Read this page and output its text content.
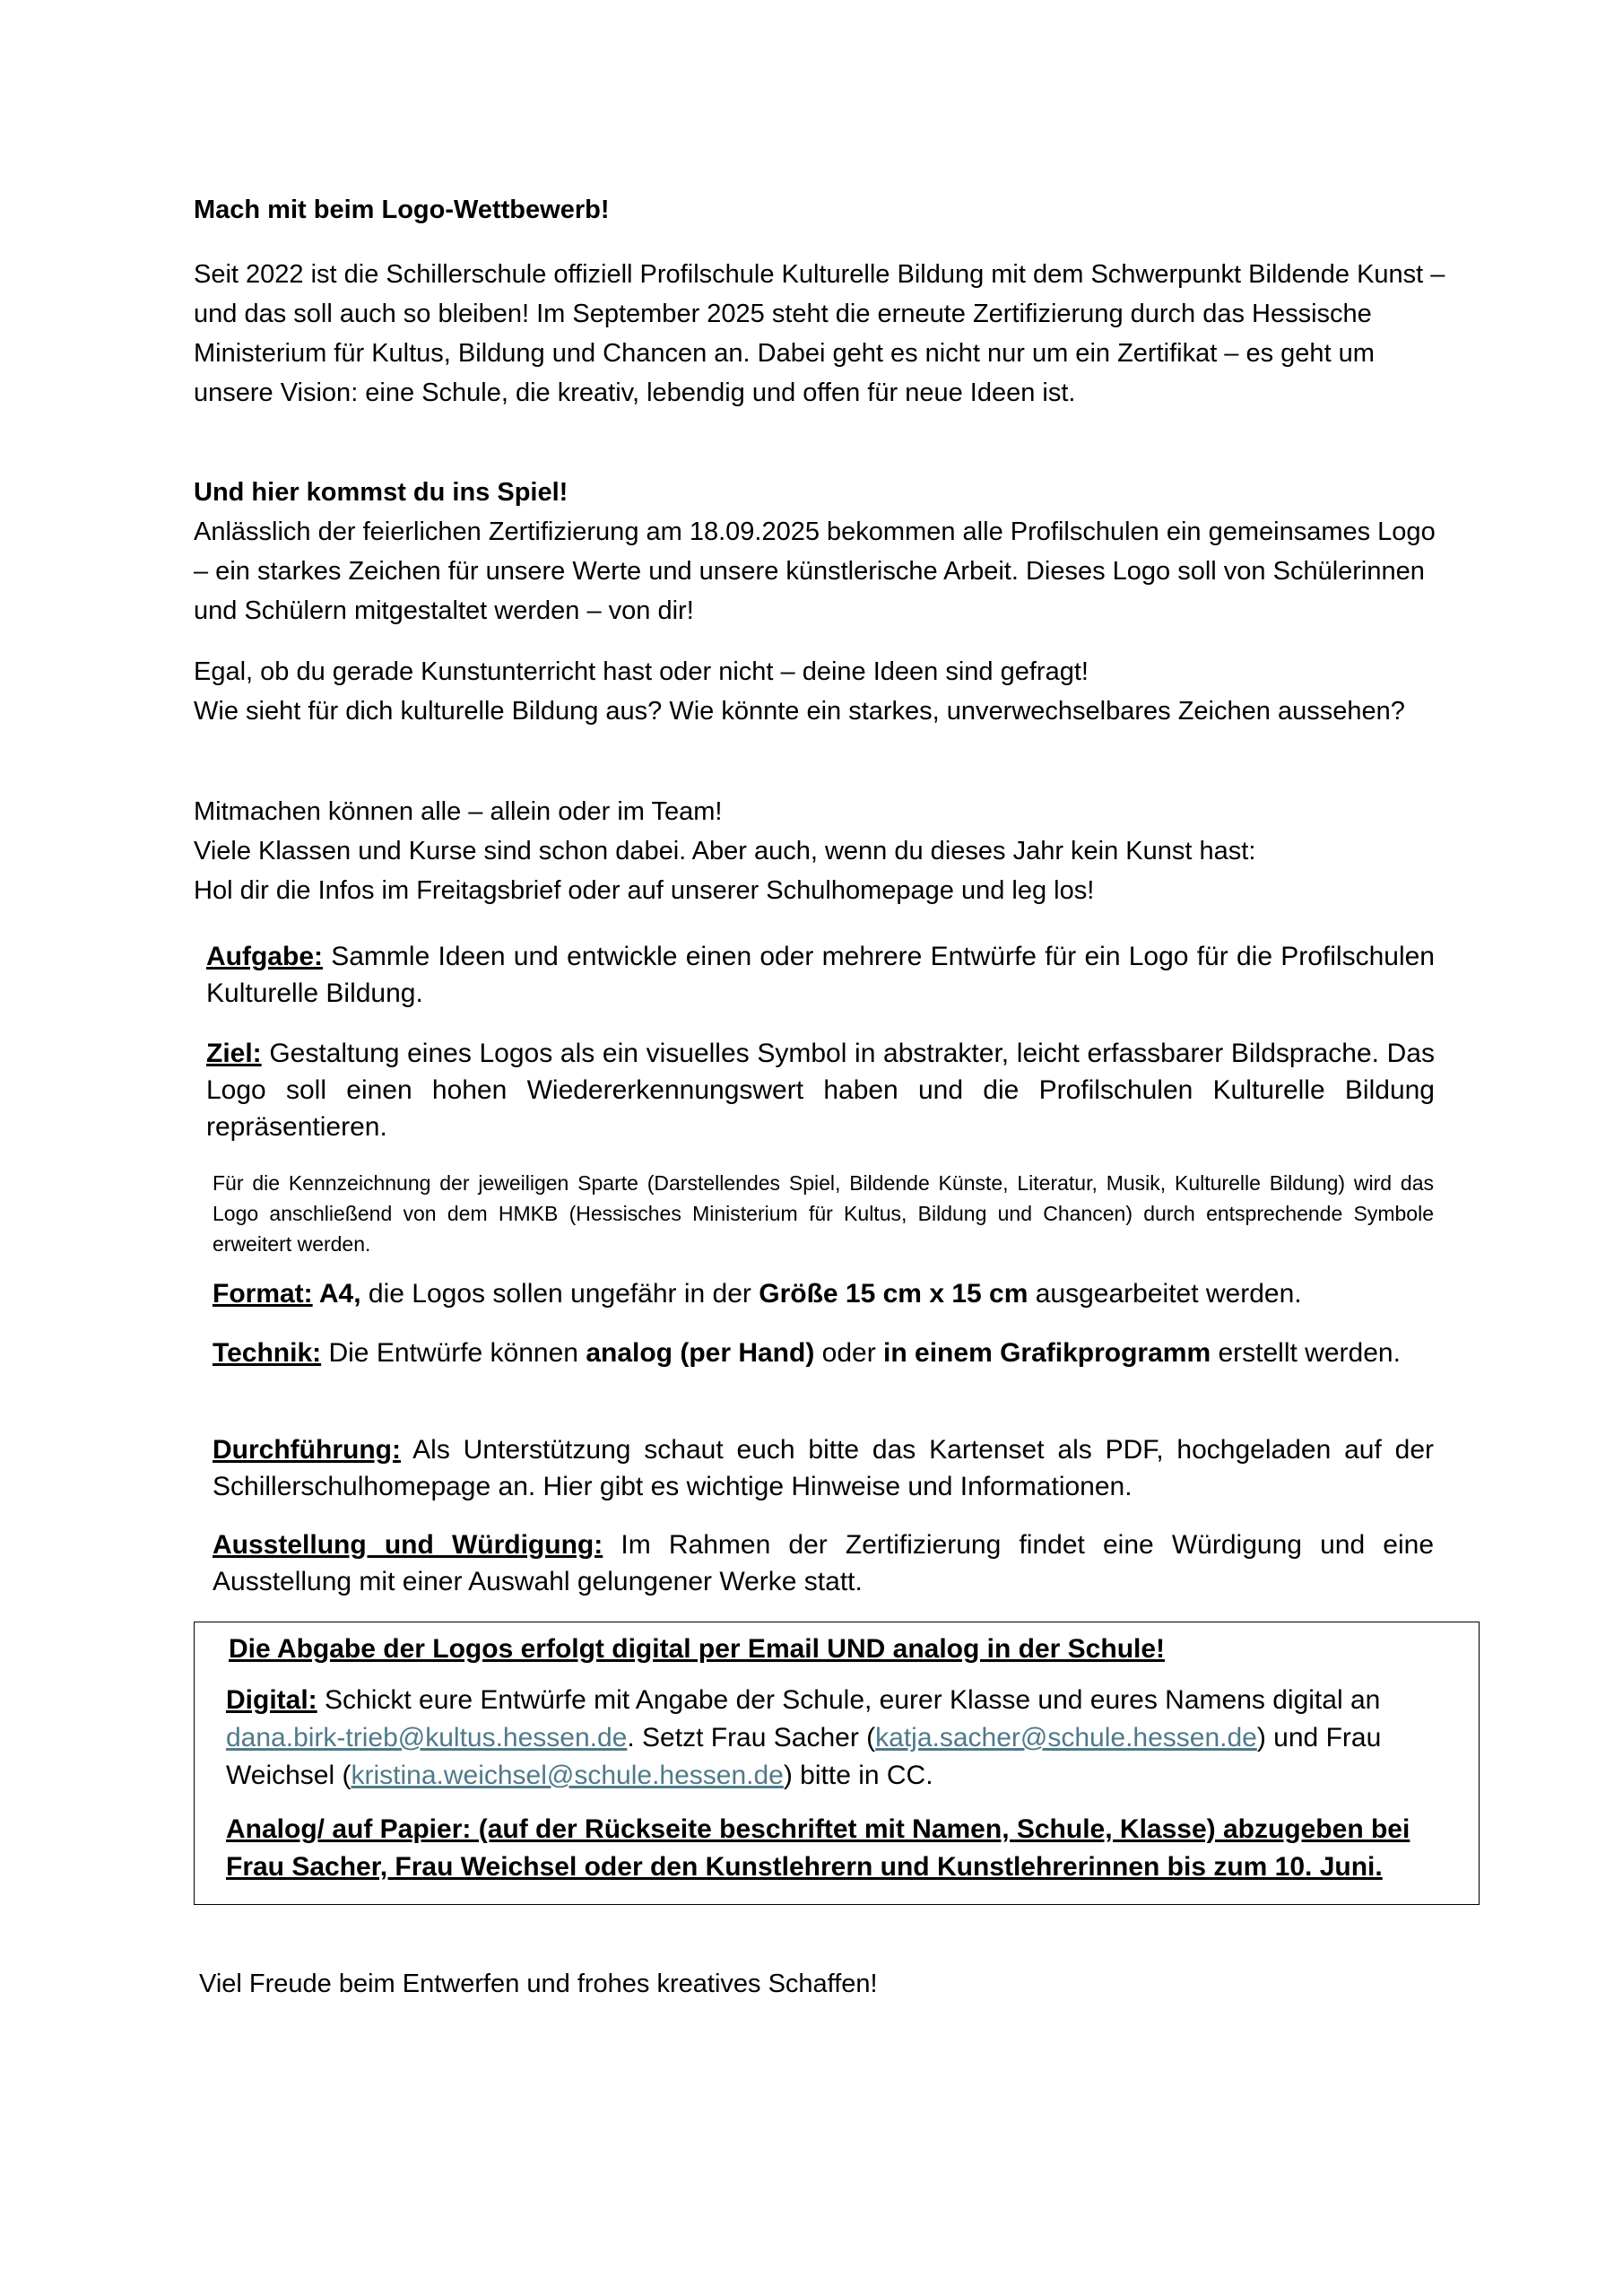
Mach mit beim Logo-Wettbewerb!
Seit 2022 ist die Schillerschule offiziell Profilschule Kulturelle Bildung mit dem Schwerpunkt Bildende Kunst – und das soll auch so bleiben! Im September 2025 steht die erneute Zertifizierung durch das Hessische Ministerium für Kultus, Bildung und Chancen an. Dabei geht es nicht nur um ein Zertifikat – es geht um unsere Vision: eine Schule, die kreativ, lebendig und offen für neue Ideen ist.

Und hier kommst du ins Spiel!

Anlässlich der feierlichen Zertifizierung am 18.09.2025 bekommen alle Profilschulen ein gemeinsames Logo – ein starkes Zeichen für unsere Werte und unsere künstlerische Arbeit. Dieses Logo soll von Schülerinnen und Schülern mitgestaltet werden – von dir!

Egal, ob du gerade Kunstunterricht hast oder nicht – deine Ideen sind gefragt!

Wie sieht für dich kulturelle Bildung aus? Wie könnte ein starkes, unverwechselbares Zeichen aussehen?

Mitmachen können alle – allein oder im Team!

Viele Klassen und Kurse sind schon dabei. Aber auch, wenn du dieses Jahr kein Kunst hast:

Hol dir die Infos im Freitagsbrief oder auf unserer Schulhomepage und leg los!

Aufgabe: Sammle Ideen und entwickle einen oder mehrere Entwürfe für ein Logo für die Profilschulen Kulturelle Bildung.
Ziel: Gestaltung eines Logos als ein visuelles Symbol in abstrakter, leicht erfassbarer Bildsprache. Das Logo soll einen hohen Wiedererkennungswert haben und die Profilschulen Kulturelle Bildung repräsentieren.
Für die Kennzeichnung der jeweiligen Sparte (Darstellendes Spiel, Bildende Künste, Literatur, Musik, Kulturelle Bildung) wird das Logo anschließend von dem HMKB (Hessisches Ministerium für Kultus, Bildung und Chancen) durch entsprechende Symbole erweitert werden.
Format: A4, die Logos sollen ungefähr in der Größe 15 cm x 15 cm ausgearbeitet werden.
Technik: Die Entwürfe können analog (per Hand) oder in einem Grafikprogramm erstellt werden.
Durchführung: Als Unterstützung schaut euch bitte das Kartenset als PDF, hochgeladen auf der Schillerschulhomepage an. Hier gibt es wichtige Hinweise und Informationen.
Ausstellung und Würdigung: Im Rahmen der Zertifizierung findet eine Würdigung und eine Ausstellung mit einer Auswahl gelungener Werke statt.
Die Abgabe der Logos erfolgt digital per Email UND analog in der Schule!
Digital: Schickt eure Entwürfe mit Angabe der Schule, eurer Klasse und eures Namens digital an dana.birk-trieb@kultus.hessen.de. Setzt Frau Sacher (katja.sacher@schule.hessen.de) und Frau Weichsel (kristina.weichsel@schule.hessen.de) bitte in CC.
Analog/ auf Papier: (auf der Rückseite beschriftet mit Namen, Schule, Klasse) abzugeben bei Frau Sacher, Frau Weichsel oder den Kunstlehrern und Kunstlehrerinnen bis zum 10. Juni.
Viel Freude beim Entwerfen und frohes kreatives Schaffen!
